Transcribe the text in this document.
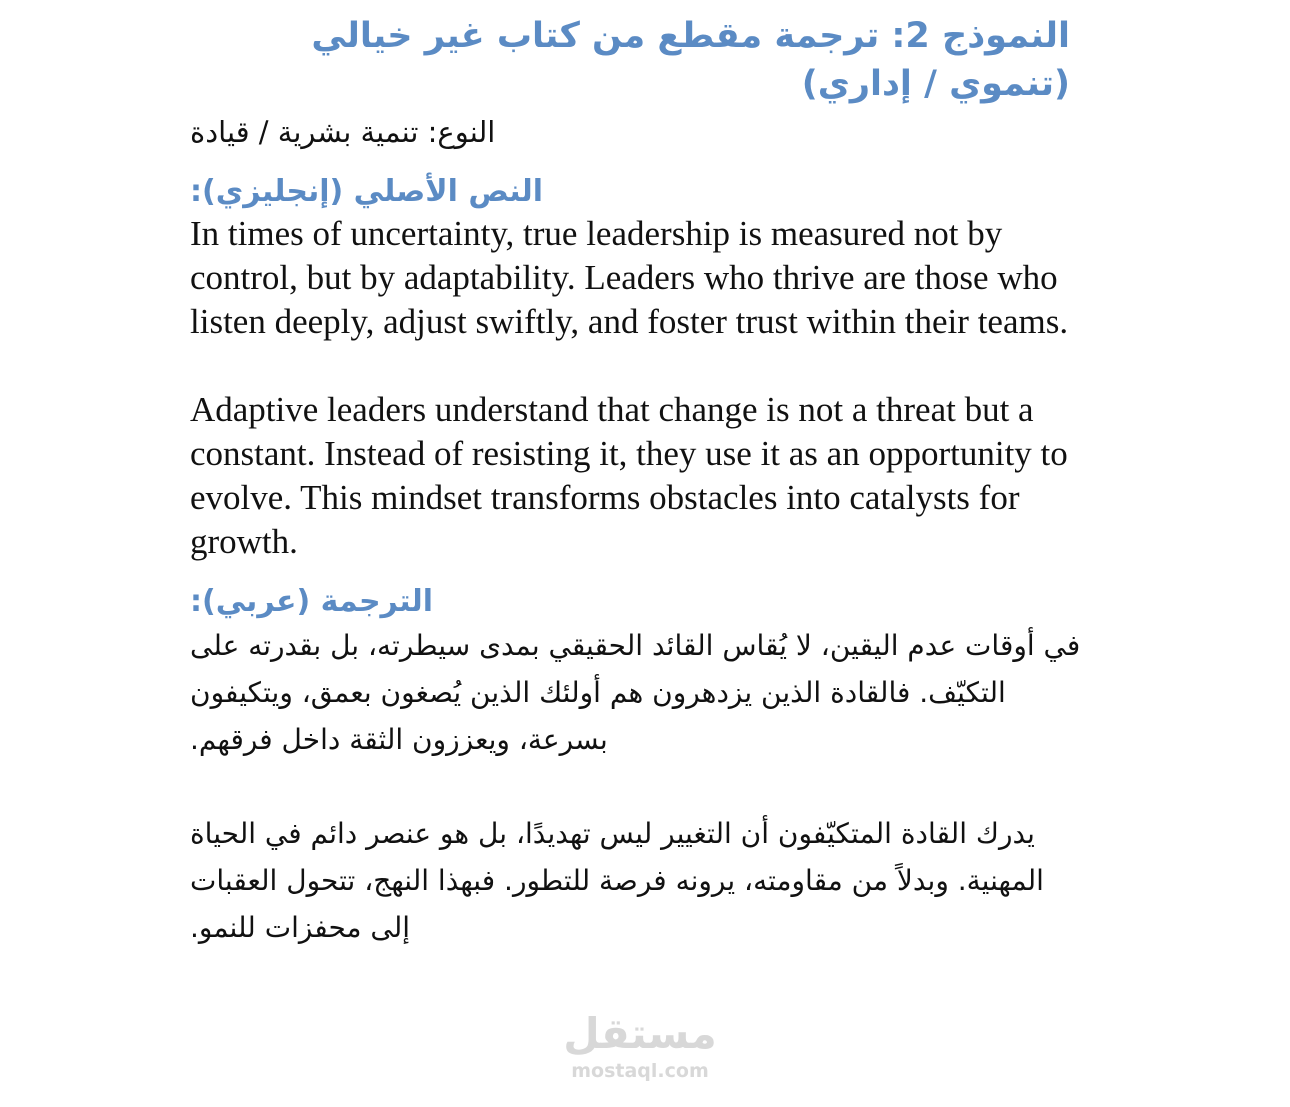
النموذج 2: ترجمة مقطع من كتاب غير خيالي (تنموي / إداري)

النوع: تنمية بشرية / قيادة

النص الأصلي (إنجليزي):

In times of uncertainty, true leadership is measured not by control, but by adaptability. Leaders who thrive are those who listen deeply, adjust swiftly, and foster trust within their teams.

Adaptive leaders understand that change is not a threat but a constant. Instead of resisting it, they use it as an opportunity to evolve. This mindset transforms obstacles into catalysts for growth.

الترجمة (عربي):

في أوقات عدم اليقين، لا يُقاس القائد الحقيقي بمدى سيطرته، بل بقدرته على التكيّف. فالقادة الذين يزدهرون هم أولئك الذين يُصغون بعمق، ويتكيفون بسرعة، ويعززون الثقة داخل فرقهم.

يدرك القادة المتكيّفون أن التغيير ليس تهديدًا، بل هو عنصر دائم في الحياة المهنية. وبدلاً من مقاومته، يرونه فرصة للتطور. فبهذا النهج، تتحول العقبات إلى محفزات للنمو.

مستقل
mostaql.com
